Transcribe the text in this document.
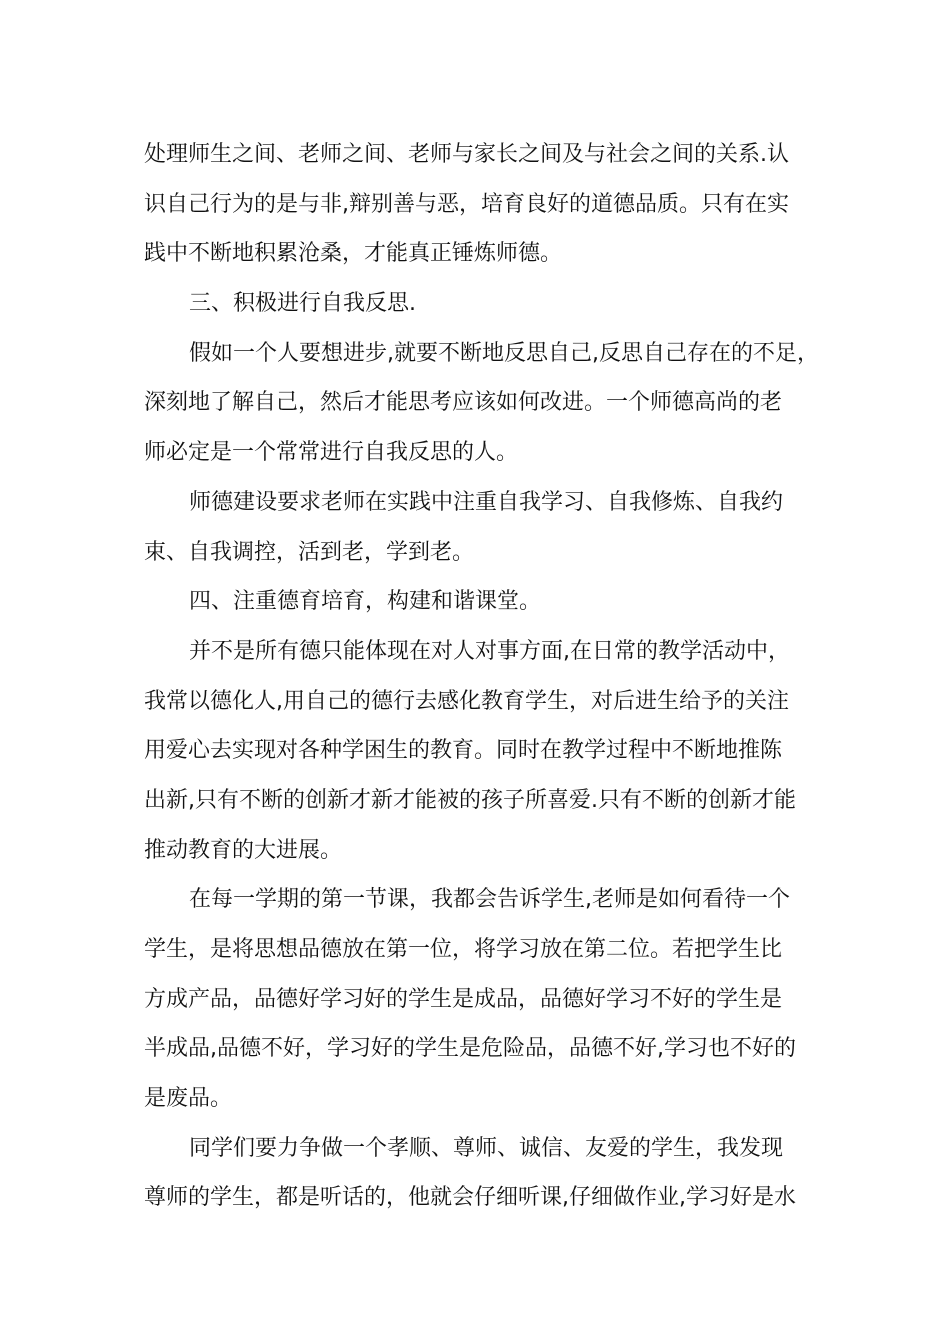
处理师生之间、老师之间、老师与家长之间及与社会之间的关系.认
识自己行为的是与非,辩别善与恶，培育良好的道德品质。只有在实
践中不断地积累沧桑，才能真正锤炼师德。
三、积极进行自我反思.
假如一个人要想进步,就要不断地反思自己,反思自己存在的不足，
深刻地了解自己，然后才能思考应该如何改进。一个师德高尚的老
师必定是一个常常进行自我反思的人。
师德建设要求老师在实践中注重自我学习、自我修炼、自我约
束、自我调控，活到老，学到老。
四、注重德育培育，构建和谐课堂。
并不是所有德只能体现在对人对事方面,在日常的教学活动中，
我常以德化人,用自己的德行去感化教育学生，对后进生给予的关注
用爱心去实现对各种学困生的教育。同时在教学过程中不断地推陈
出新,只有不断的创新才新才能被的孩子所喜爱.只有不断的创新才能
推动教育的大进展。
在每一学期的第一节课，我都会告诉学生,老师是如何看待一个
学生，是将思想品德放在第一位，将学习放在第二位。若把学生比
方成产品，品德好学习好的学生是成品，品德好学习不好的学生是
半成品,品德不好，学习好的学生是危险品，品德不好,学习也不好的
是废品。
同学们要力争做一个孝顺、尊师、诚信、友爱的学生，我发现
尊师的学生，都是听话的，他就会仔细听课,仔细做作业,学习好是水
